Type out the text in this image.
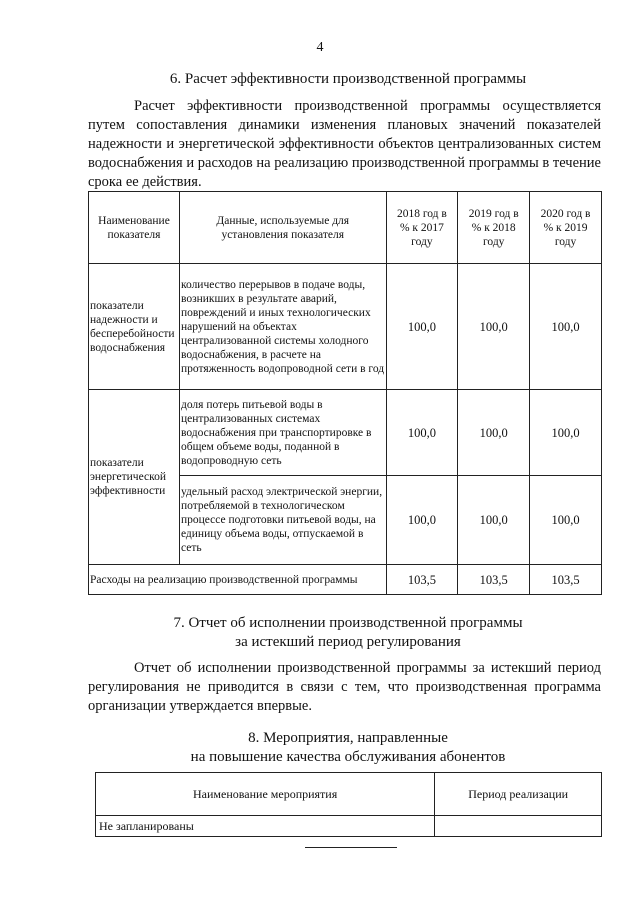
4
6. Расчет эффективности производственной программы

Расчет эффективности производственной программы осуществляется путем сопоставления динамики изменения плановых значений показателей надежности и энергетической эффективности объектов централизованных систем водоснабжения и расходов на реализацию производственной программы в течение срока ее действия.

Наименование показателя	Данные, используемые для установления показателя	2018 год в % к 2017 году	2019 год в % к 2018 году	2020 год в % к 2019 году
показатели надежности и бесперебойности водоснабжения	количество перерывов в подаче воды, возникших в результате аварий, повреждений и иных технологических нарушений на объектах централизованной системы холодного водоснабжения, в расчете на протяженность водопроводной сети в год	100,0	100,0	100,0
показатели энергетической эффективности	доля потерь питьевой воды в централизованных системах водоснабжения при транспортировке в общем объеме воды, поданной в водопроводную сеть	100,0	100,0	100,0
	удельный расход электрической энергии, потребляемой в технологическом процессе подготовки питьевой воды, на единицу объема воды, отпускаемой в сеть	100,0	100,0	100,0
Расходы на реализацию производственной программы		103,5	103,5	103,5
7. Отчет об исполнении производственной программы
за истекший период регулирования

Отчет об исполнении производственной программы за истекший период регулирования не приводится в связи с тем, что производственная программа организации утверждается впервые.

8. Мероприятия, направленные
на повышение качества обслуживания абонентов
Наименование мероприятия	Период реализации
Не запланированы	
